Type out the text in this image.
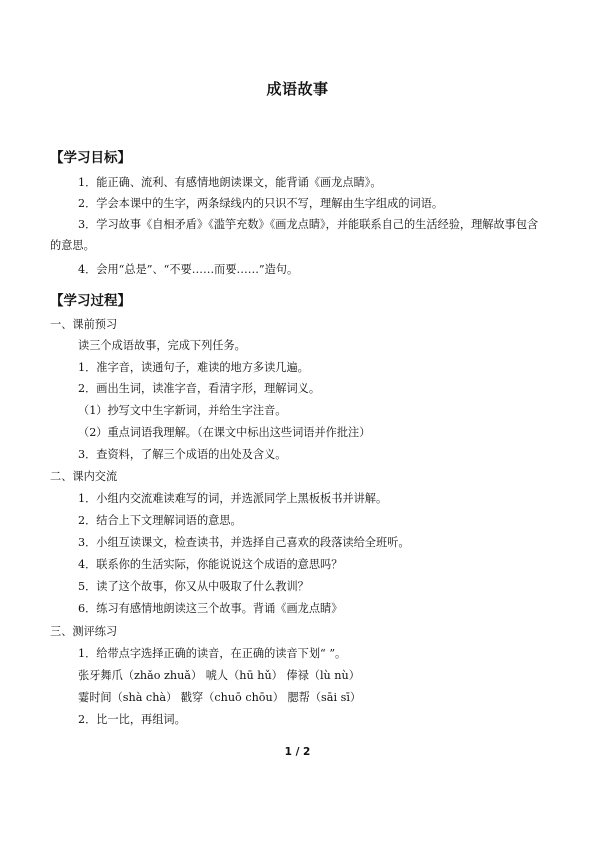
成语故事
【学习目标】
1．能正确、流利、有感情地朗读课文，能背诵《画龙点睛》。
2．学会本课中的生字，两条绿线内的只识不写，理解由生字组成的词语。
3．学习故事《自相矛盾》《滥竽充数》《画龙点睛》，并能联系自己的生活经验，理解故事包含的意思。
4．会用“总是”、“不要……而要……”造句。
【学习过程】
一、课前预习
读三个成语故事，完成下列任务。
1．准字音，读通句子，难读的地方多读几遍。
2．画出生词，读准字音，看清字形，理解词义。
（1）抄写文中生字新词，并给生字注音。
（2）重点词语我理解。（在课文中标出这些词语并作批注）
3．查资料，了解三个成语的出处及含义。
二、课内交流
1．小组内交流难读难写的词，并选派同学上黑板板书并讲解。
2．结合上下文理解词语的意思。
3．小组互读课文，检查读书，并选择自己喜欢的段落读给全班听。
4．联系你的生活实际，你能说说这个成语的意思吗？
5．读了这个故事，你又从中吸取了什么教训？
6．练习有感情地朗读这三个故事。背诵《画龙点睛》
三、测评练习
1．给带点字选择正确的读音，在正确的读音下划“ ”。
张牙舞爪（zhǎo zhuǎ） 唬人（hū hǔ） 俸禄（lù nù）
霎时间（shà chà） 戳穿（chuō chōu） 腮帮（sāi sī）
2．比一比，再组词。
1 / 2
